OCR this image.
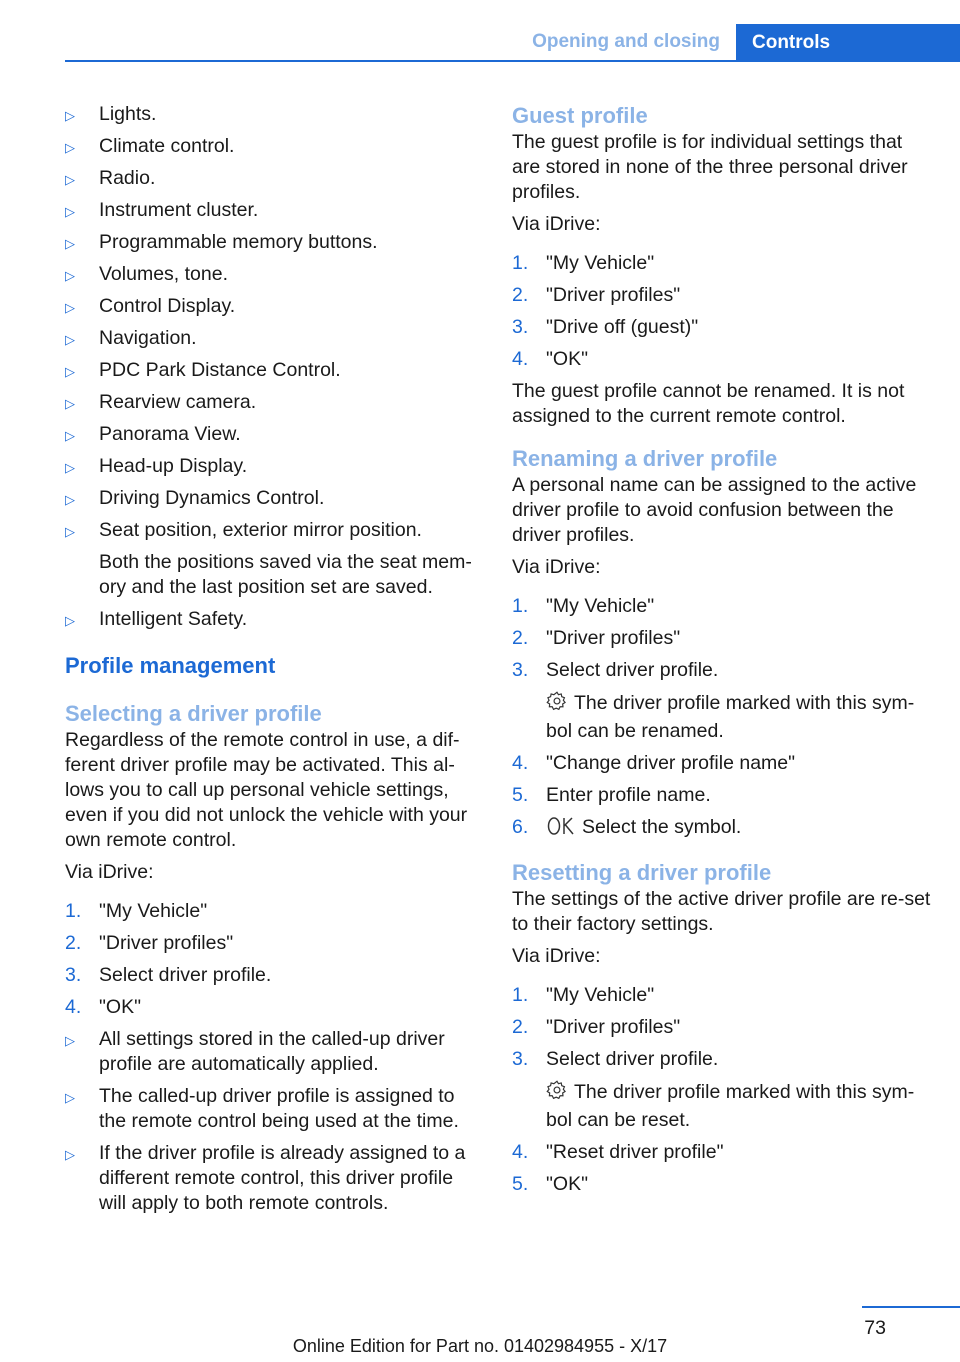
Opening and closing	Controls
▷ Lights.

▷ Climate control.

▷ Radio.

▷ Instrument cluster.

▷ Programmable memory buttons.

▷ Volumes, tone.

▷ Control Display.

▷ Navigation.

▷ PDC Park Distance Control.

▷ Rearview camera.

▷ Panorama View.

▷ Head-up Display.

▷ Driving Dynamics Control.

▷ Seat position, exterior mirror position.

Both the positions saved via the seat mem-ory and the last position set are saved.

▷ Intelligent Safety.

Profile management
Selecting a driver profile

Regardless of the remote control in use, a dif-ferent driver profile may be activated. This al-lows you to call up personal vehicle settings, even if you did not unlock the vehicle with your own remote control.

Via iDrive:

1. "My Vehicle"

2. "Driver profiles"

3. Select driver profile.

4. "OK"

▷ All settings stored in the called-up driver profile are automatically applied.

▷ The called-up driver profile is assigned to the remote control being used at the time.

▷ If the driver profile is already assigned to a different remote control, this driver profile will apply to both remote controls.

Guest profile

The guest profile is for individual settings that are stored in none of the three personal driver profiles.

Via iDrive:

1. "My Vehicle"

2. "Driver profiles"

3. "Drive off (guest)"

4. "OK"

The guest profile cannot be renamed. It is not assigned to the current remote control.

Renaming a driver profile

A personal name can be assigned to the active driver profile to avoid confusion between the driver profiles.

Via iDrive:

1. "My Vehicle"

2. "Driver profiles"

3. Select driver profile.

The driver profile marked with this sym-bol can be renamed.

4. "Change driver profile name"

5. Enter profile name.

6.	Select the symbol.

Resetting a driver profile

The settings of the active driver profile are re-set to their factory settings.

Via iDrive:

1. "My Vehicle"

2. "Driver profiles"

3. Select driver profile.

The driver profile marked with this sym-bol can be reset.

4. "Reset driver profile"

5. "OK"

73
Online Edition for Part no. 01402984955 - X/17
